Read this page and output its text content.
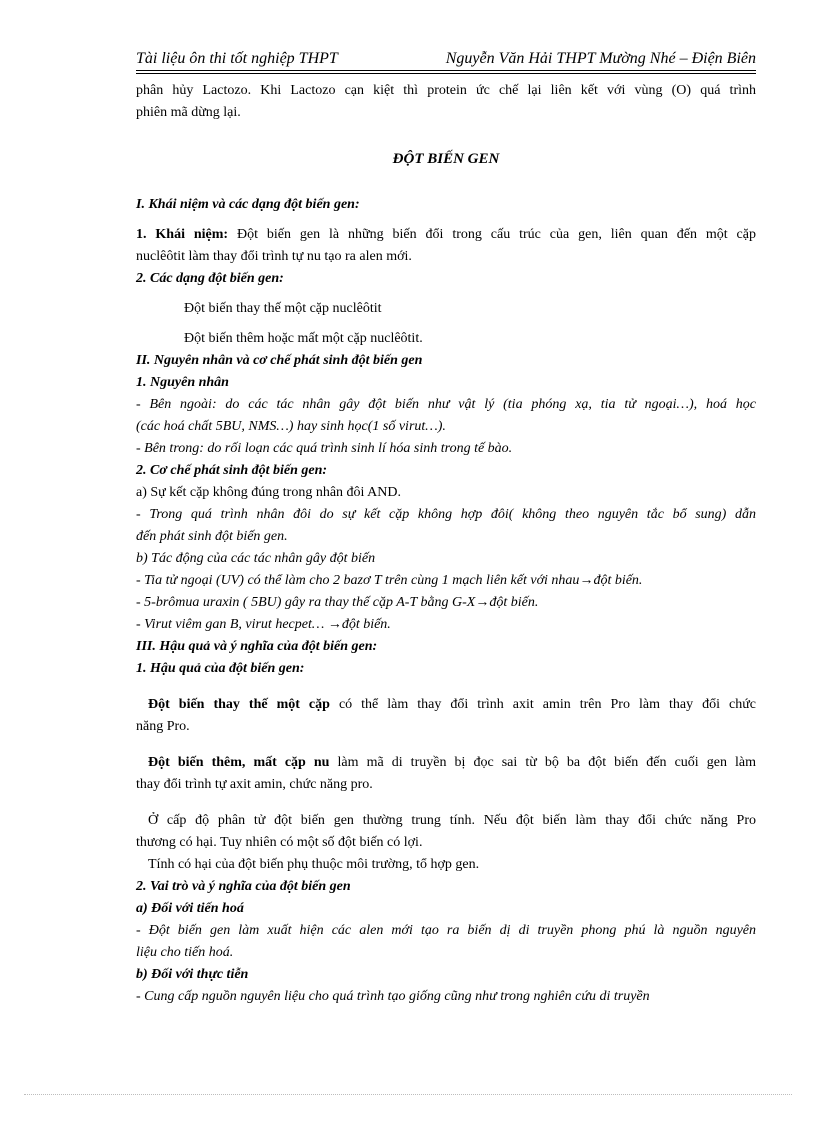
Tài liệu ôn thi tốt nghiệp THPT	Nguyễn Văn Hải THPT Mường Nhé – Điện Biên
phân hủy Lactozo. Khi Lactozo cạn kiệt thì protein ức chế lại liên kết với vùng (O) quá trình
phiên mã dừng lại.
ĐỘT BIẾN GEN
I. Khái niệm và các dạng đột biến gen:
1. Khái niệm: Đột biến gen là những biến đổi trong cấu trúc của gen, liên quan đến một cặp
nuclêôtit làm thay đổi trình tự nu tạo ra alen mới.
2. Các dạng đột biến gen:
Đột biến thay thế một cặp nuclêôtit
Đột biến thêm hoặc mất một cặp nuclêôtit.
II. Nguyên nhân và cơ chế phát sinh đột biến gen
1. Nguyên nhân
- Bên ngoài: do các tác nhân gây đột biến như vật lý (tia phóng xạ, tia tử ngoại…), hoá học
(các hoá chất 5BU, NMS…) hay sinh học(1 số virut…).
- Bên trong: do rối loạn các quá trình sinh lí hóa sinh trong tế bào.
2. Cơ chế phát sinh đột biến gen:
a) Sự kết cặp không đúng trong nhân đôi AND.
- Trong quá trình nhân đôi do sự kết cặp không hợp đôi( không theo nguyên tắc bổ sung) dẫn
đến phát sinh đột biến gen.
b) Tác động của các tác nhân gây đột biến
- Tia tử ngoại (UV) có thể làm cho 2 bazơ T trên cùng 1 mạch liên kết với nhau→đột biến.
- 5-brômua uraxin ( 5BU) gây ra thay thế cặp A-T bằng G-X→đột biến.
- Virut viêm gan B, virut hecpet… →đột biến.
III. Hậu quả và ý nghĩa của đột biến gen:
1. Hậu quả của đột biến gen:
Đột biến thay thế một cặp có thể làm thay đổi trình axit amin trên Pro làm thay đổi chức
năng Pro.
Đột biến thêm, mất cặp nu làm mã di truyền bị đọc sai từ bộ ba đột biến đến cuối gen làm
thay đổi trình tự axit amin, chức năng pro.
Ở cấp độ phân tử đột biến gen thường trung tính. Nếu đột biến làm thay đổi chức năng Pro
thương có hại. Tuy nhiên có một số đột biến có lợi.
Tính có hại của đột biến phụ thuộc môi trường, tổ hợp gen.
2. Vai trò và ý nghĩa của đột biến gen
a) Đối với tiến hoá
- Đột biến gen làm xuất hiện các alen mới tạo ra biến dị di truyền phong phú là nguồn nguyên
liệu cho tiến hoá.
b) Đối với thực tiễn
- Cung cấp nguồn nguyên liệu cho quá trình tạo giống cũng như trong nghiên cứu di truyền
